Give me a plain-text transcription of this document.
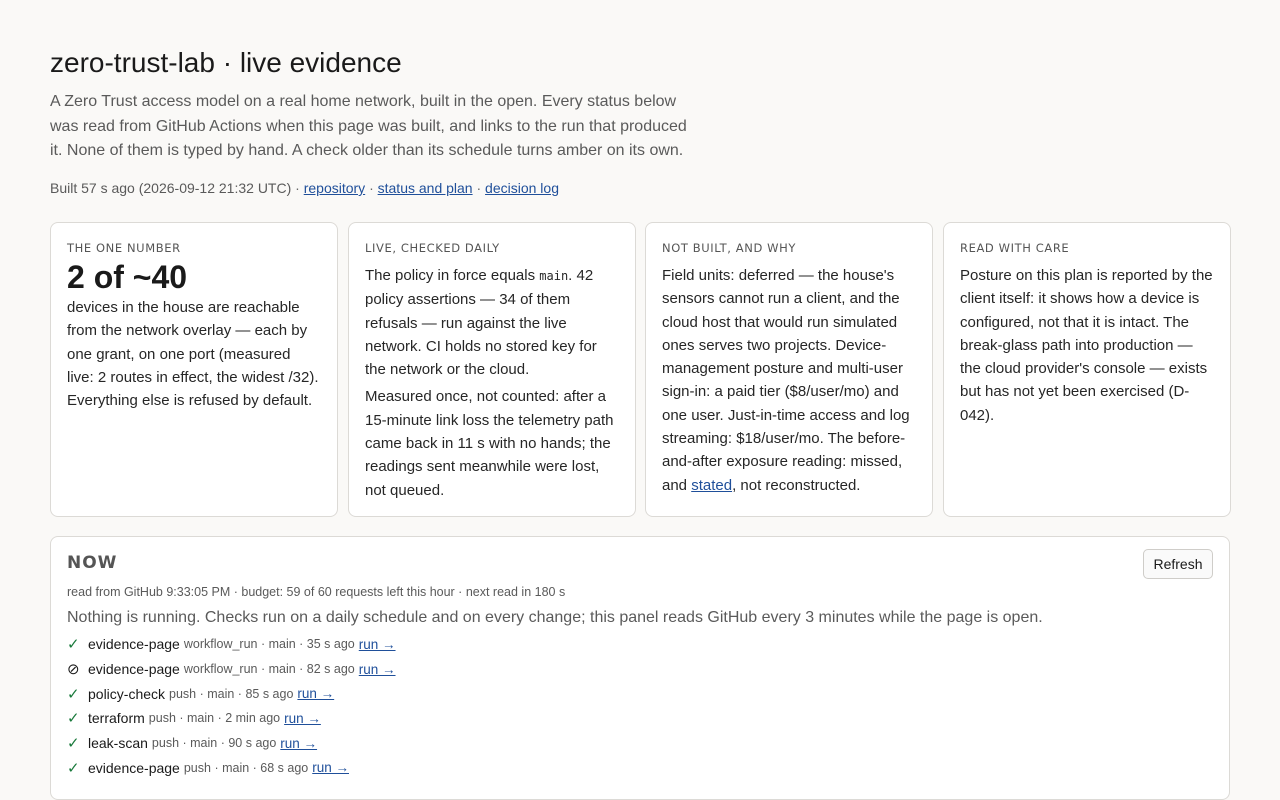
zero-trust-lab · live evidence

A Zero Trust access model on a real home network, built in the open. Every status below was read from GitHub Actions when this page was built, and links to the run that produced it. None of them is typed by hand. A check older than its schedule turns amber on its own.

Built 57 s ago (2026-09-12 21:32 UTC) · repository · status and plan · decision log
THE ONE NUMBER
2 of ~40

devices in the house are reachable from the network overlay — each by one grant, on one port (measured live: 2 routes in effect, the widest /32). Everything else is refused by default.

LIVE, CHECKED DAILY

The policy in force equals main. 42 policy assertions — 34 of them refusals — run against the live network. CI holds no stored key for the network or the cloud.

Measured once, not counted: after a 15-minute link loss the telemetry path came back in 11 s with no hands; the readings sent meanwhile were lost, not queued.

NOT BUILT, AND WHY

Field units: deferred — the house's sensors cannot run a client, and the cloud host that would run simulated ones serves two projects. Device-management posture and multi-user sign-in: a paid tier ($8/user/mo) and one user. Just-in-time access and log streaming: $18/user/mo. The before-and-after exposure reading: missed, and stated, not reconstructed.

READ WITH CARE

Posture on this plan is reported by the client itself: it shows how a device is configured, not that it is intact. The break-glass path into production — the cloud provider's console — exists but has not yet been exercised (D-042).

NOW	Refresh
read from GitHub 9:33:05 PM · budget: 59 of 60 requests left this hour · next read in 180 s
Nothing is running. Checks run on a daily schedule and on every change; this panel reads GitHub every 3 minutes while the page is open.
✓ evidence-page workflow_run · main · 35 s ago run →
⊘ evidence-page workflow_run · main · 82 s ago run →
✓ policy-check push · main · 85 s ago run →
✓ terraform push · main · 2 min ago run →
✓ leak-scan push · main · 90 s ago run →
✓ evidence-page push · main · 68 s ago run →
